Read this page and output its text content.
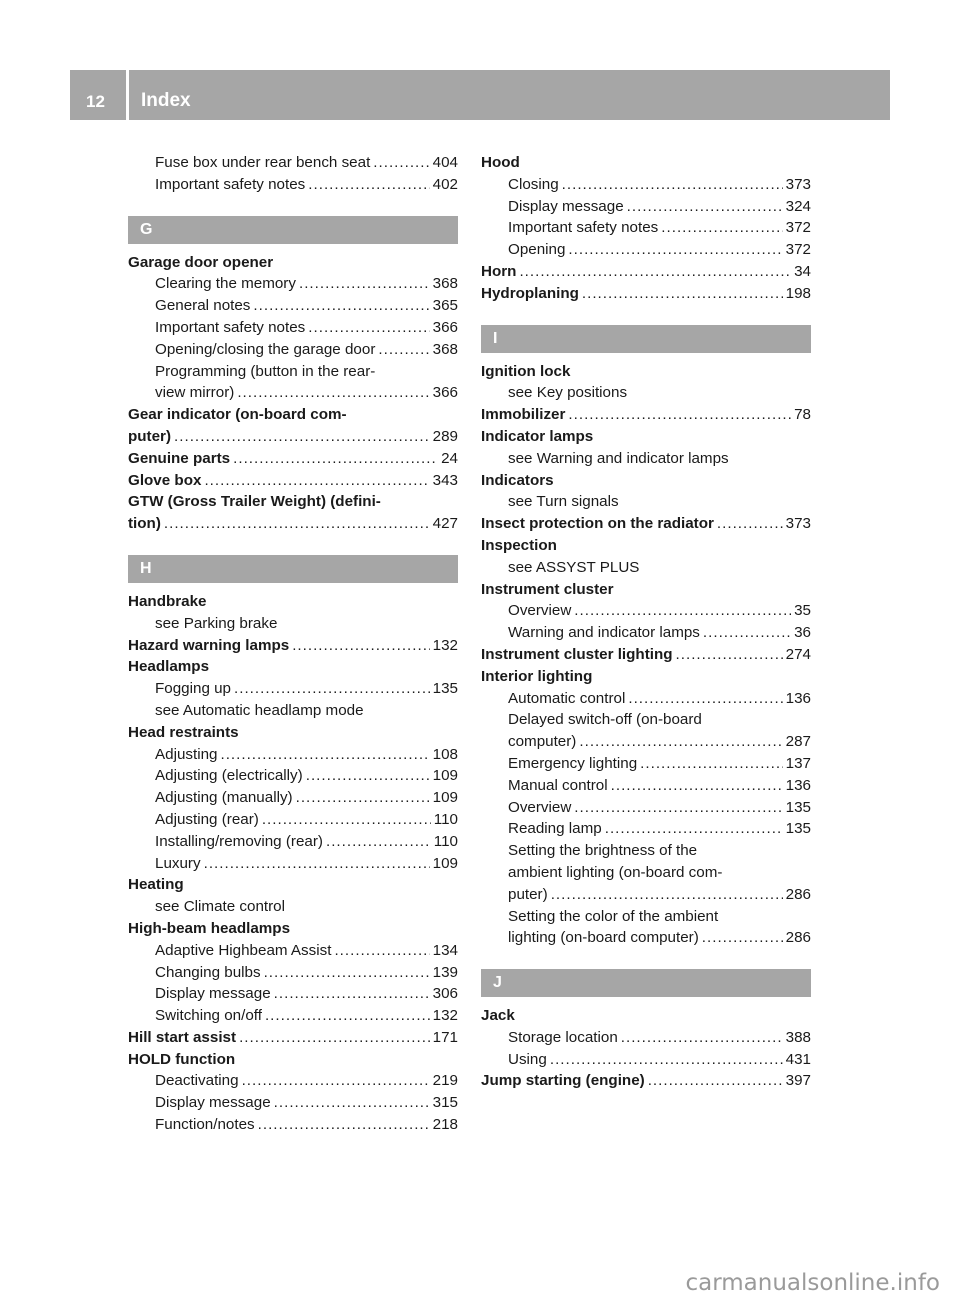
12	Index
Fuse box under rear bench seat .....	404
Important safety notes .....	402
G
Garage door opener
Clearing the memory .....	368
General notes .....	365
Important safety notes .....	366
Opening/closing the garage door .....	368
Programming (button in the rear-
view mirror) .....	366
Gear indicator (on-board com-
puter) .....	289
Genuine parts .....	24
Glove box .....	343
GTW (Gross Trailer Weight) (defini-
tion) .....	427
H
Handbrake
see Parking brake
Hazard warning lamps .....	132
Headlamps
Fogging up .....	135
see Automatic headlamp mode
Head restraints
Adjusting .....	108
Adjusting (electrically) .....	109
Adjusting (manually) .....	109
Adjusting (rear) .....	110
Installing/removing (rear) .....	110
Luxury .....	109
Heating
see Climate control
High-beam headlamps
Adaptive Highbeam Assist .....	134
Changing bulbs .....	139
Display message .....	306
Switching on/off .....	132
Hill start assist .....	171
HOLD function
Deactivating .....	219
Display message .....	315
Function/notes .....	218
Hood
Closing .....	373
Display message .....	324
Important safety notes .....	372
Opening .....	372
Horn .....	34
Hydroplaning .....	198
I
Ignition lock
see Key positions
Immobilizer .....	78
Indicator lamps
see Warning and indicator lamps
Indicators
see Turn signals
Insect protection on the radiator .....	373
Inspection
see ASSYST PLUS
Instrument cluster
Overview .....	35
Warning and indicator lamps .....	36
Instrument cluster lighting .....	274
Interior lighting
Automatic control .....	136
Delayed switch-off (on-board
computer) .....	287
Emergency lighting .....	137
Manual control .....	136
Overview .....	135
Reading lamp .....	135
Setting the brightness of the
ambient lighting (on-board com-
puter) .....	286
Setting the color of the ambient
lighting (on-board computer) .....	286
J
Jack
Storage location .....	388
Using .....	431
Jump starting (engine) .....	397
carmanualsonline.info
